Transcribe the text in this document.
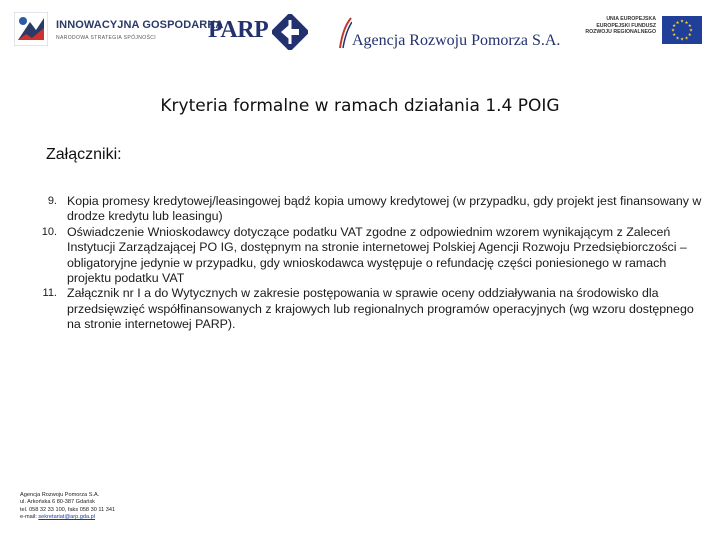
INNOWACYJNA GOSPODARKA
NARODOWA STRATEGIA SPÓJNOŚCI PARP	Agencja Rozwoju Pomorza S.A.
UNIA EUROPEJSKA
EUROPEJSKI FUNDUSZ
ROZWOJU REGIONALNEGO	★
★
★
★
★
★
★
★
★ ★ ★
★
Kryteria formalne w ramach działania 1.4 POIG
Załączniki:
9. Kopia promesy kredytowej/leasingowej bądź kopia umowy kredytowej (w przypadku, gdy projekt jest finansowany w drodze kredytu lub leasingu)
10. Oświadczenie Wnioskodawcy dotyczące podatku VAT zgodne z odpowiednim wzorem wynikającym z Zaleceń Instytucji Zarządzającej PO IG, dostępnym na stronie internetowej Polskiej Agencji Rozwoju Przedsiębiorczości – obligatoryjne jedynie w przypadku, gdy wnioskodawca występuje o refundację części poniesionego w ramach projektu podatku VAT
11. Załącznik nr I a do Wytycznych w zakresie postępowania w sprawie oceny oddziaływania na środowisko dla przedsięwzięć współfinansowanych z krajowych lub regionalnych programów operacyjnych (wg wzoru dostępnego na stronie internetowej PARP).
Agencja Rozwoju Pomorza S.A.
ul. Arkońska 6 80-387 Gdańsk
tel. 058 32 33 100, faks 058 30 11 341
e-mail: sekretariat@arp.gda.pl
